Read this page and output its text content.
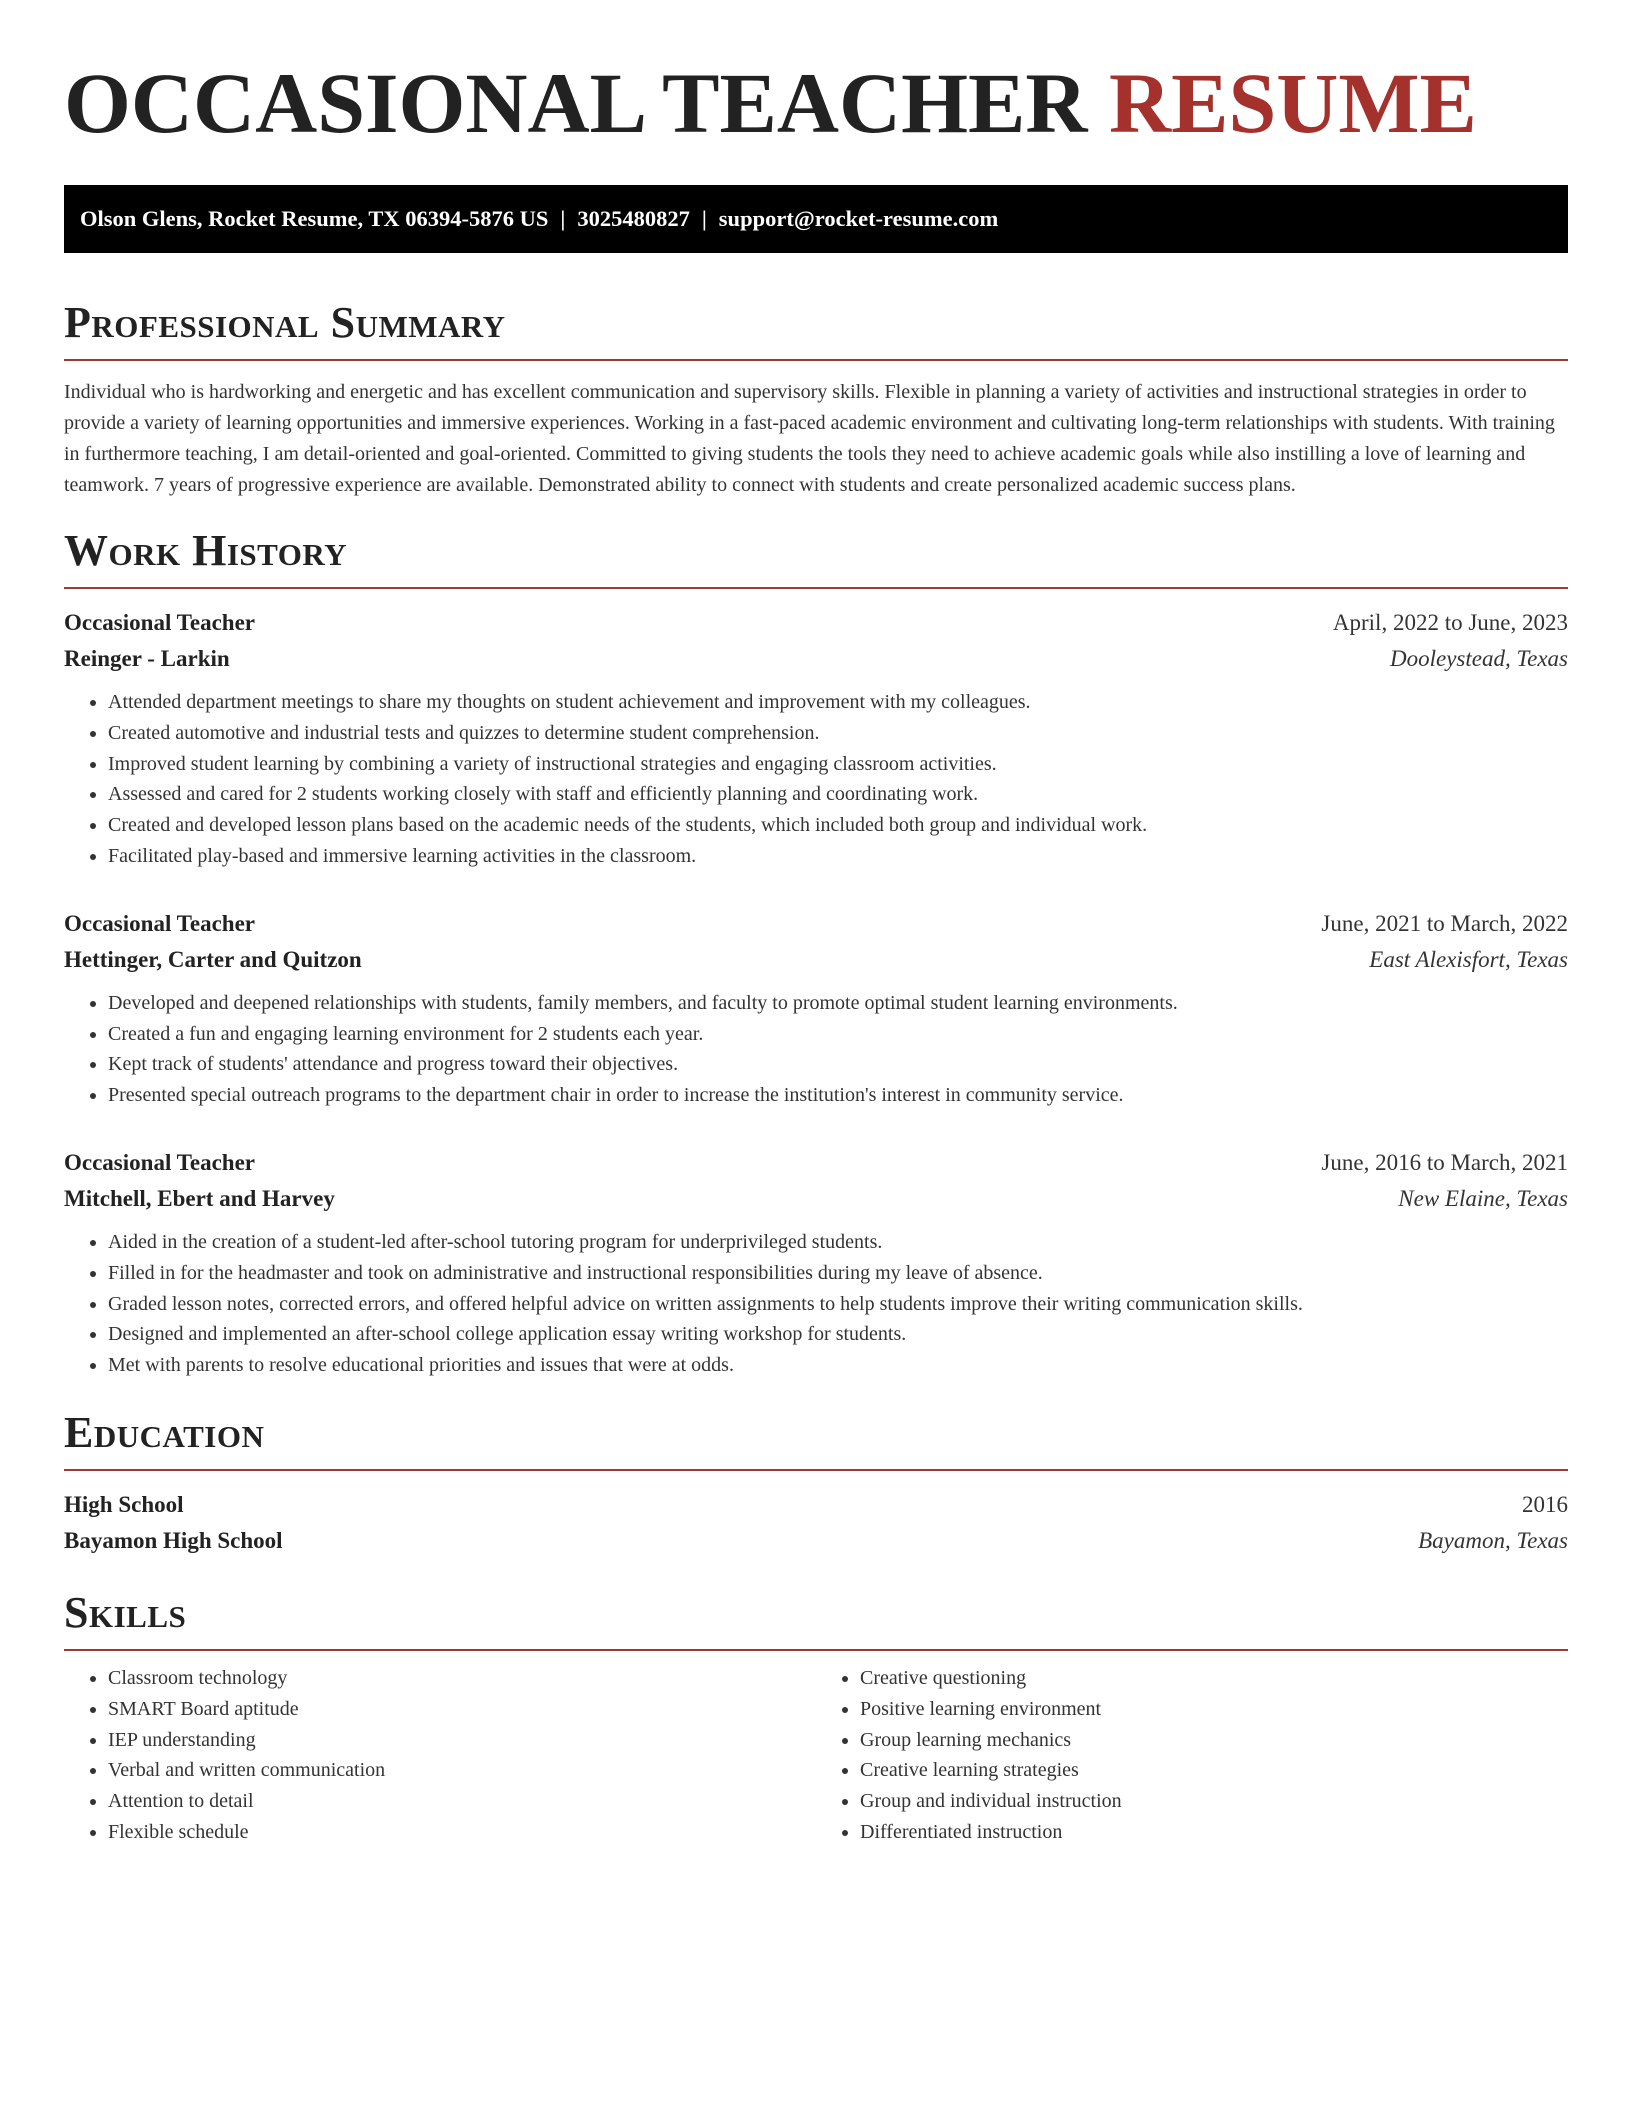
OCCASIONAL TEACHER RESUME
Olson Glens, Rocket Resume, TX 06394-5876 US | 3025480827 | support@rocket-resume.com
Professional Summary

Individual who is hardworking and energetic and has excellent communication and supervisory skills. Flexible in planning a variety of activities and instructional strategies in order to provide a variety of learning opportunities and immersive experiences. Working in a fast-paced academic environment and cultivating long-term relationships with students. With training in furthermore teaching, I am detail-oriented and goal-oriented. Committed to giving students the tools they need to achieve academic goals while also instilling a love of learning and teamwork. 7 years of progressive experience are available. Demonstrated ability to connect with students and create personalized academic success plans.

Work History
Occasional Teacher	April, 2022 to June, 2023
Reinger - Larkin	Dooleystead, Texas
• Attended department meetings to share my thoughts on student achievement and improvement with my colleagues.
• Created automotive and industrial tests and quizzes to determine student comprehension.
• Improved student learning by combining a variety of instructional strategies and engaging classroom activities.
• Assessed and cared for 2 students working closely with staff and efficiently planning and coordinating work.
• Created and developed lesson plans based on the academic needs of the students, which included both group and individual work.
• Facilitated play-based and immersive learning activities in the classroom.
Occasional Teacher	June, 2021 to March, 2022
Hettinger, Carter and Quitzon	East Alexisfort, Texas
• Developed and deepened relationships with students, family members, and faculty to promote optimal student learning environments.
• Created a fun and engaging learning environment for 2 students each year.
• Kept track of students' attendance and progress toward their objectives.
• Presented special outreach programs to the department chair in order to increase the institution's interest in community service.
Occasional Teacher	June, 2016 to March, 2021
Mitchell, Ebert and Harvey	New Elaine, Texas
• Aided in the creation of a student-led after-school tutoring program for underprivileged students.
• Filled in for the headmaster and took on administrative and instructional responsibilities during my leave of absence.
• Graded lesson notes, corrected errors, and offered helpful advice on written assignments to help students improve their writing communication skills.
• Designed and implemented an after-school college application essay writing workshop for students.
• Met with parents to resolve educational priorities and issues that were at odds.
Education
High School	2016
Bayamon High School	Bayamon, Texas
Skills
• Classroom technology
• SMART Board aptitude
• IEP understanding
• Verbal and written communication
• Attention to detail
• Flexible schedule
• Creative questioning
• Positive learning environment
• Group learning mechanics
• Creative learning strategies
• Group and individual instruction
• Differentiated instruction
